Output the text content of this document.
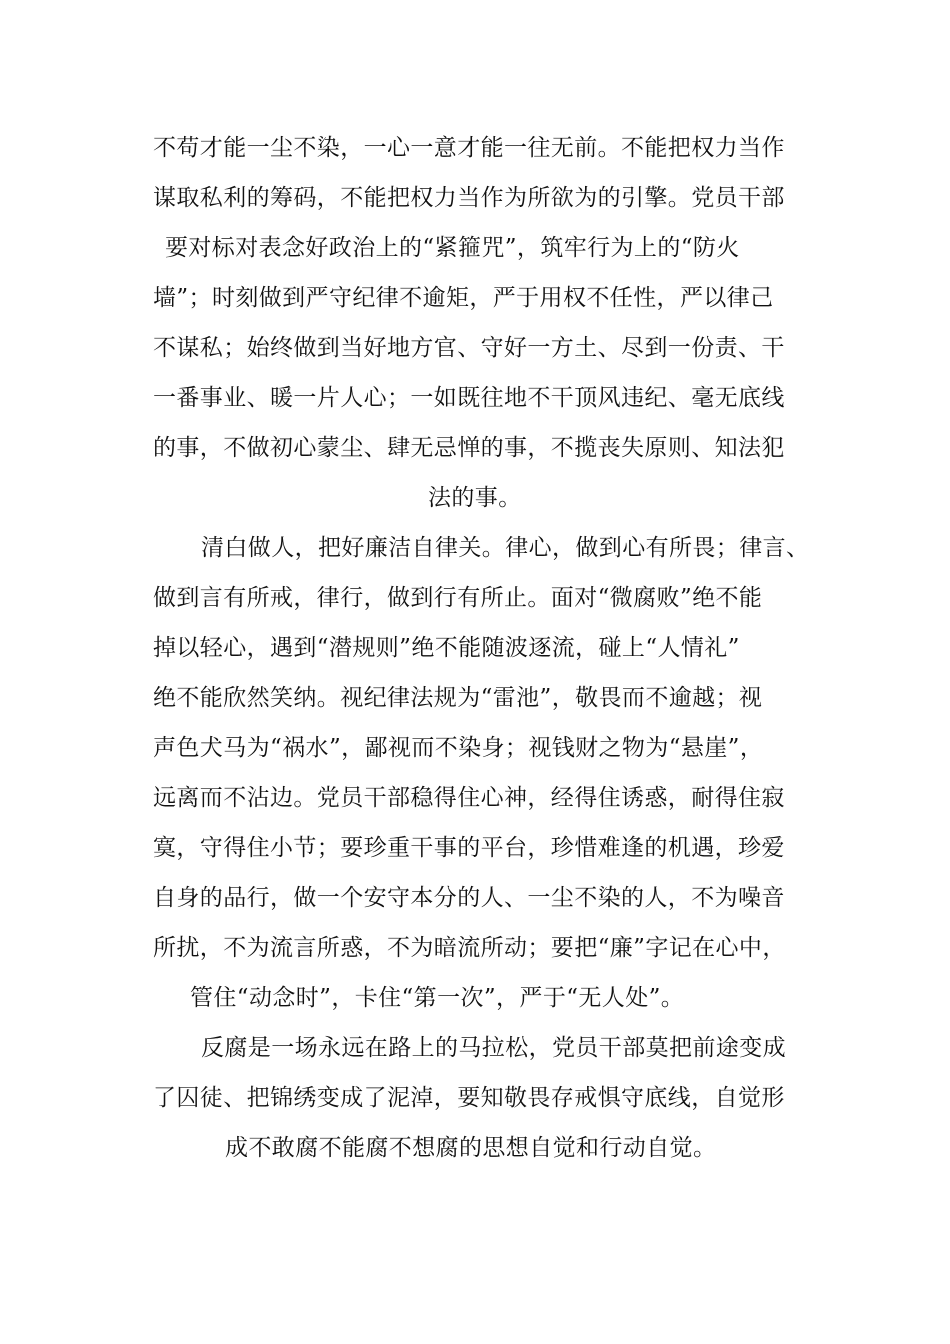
不苟才能一尘不染，一心一意才能一往无前。不能把权力当作
谋取私利的筹码，不能把权力当作为所欲为的引擎。党员干部
要对标对表念好政治上的“紧箍咒”，筑牢行为上的“防火
墙”；时刻做到严守纪律不逾矩，严于用权不任性，严以律己
不谋私；始终做到当好地方官、守好一方土、尽到一份责、干
一番事业、暖一片人心；一如既往地不干顶风违纪、毫无底线
的事，不做初心蒙尘、肆无忌惮的事，不揽丧失原则、知法犯
法的事。
清白做人，把好廉洁自律关。律心，做到心有所畏；律言、
做到言有所戒，律行，做到行有所止。面对“微腐败”绝不能
掉以轻心，遇到“潜规则”绝不能随波逐流，碰上“人情礼”
绝不能欣然笑纳。视纪律法规为“雷池”，敬畏而不逾越；视
声色犬马为“祸水”，鄙视而不染身；视钱财之物为“悬崖”，
远离而不沾边。党员干部稳得住心神，经得住诱惑，耐得住寂
寞，守得住小节；要珍重干事的平台，珍惜难逢的机遇，珍爱
自身的品行，做一个安守本分的人、一尘不染的人，不为噪音
所扰，不为流言所惑，不为暗流所动；要把“廉”字记在心中，
管住“动念时”，卡住“第一次”，严于“无人处”。
反腐是一场永远在路上的马拉松，党员干部莫把前途变成
了囚徒、把锦绣变成了泥淖，要知敬畏存戒惧守底线，自觉形
成不敢腐不能腐不想腐的思想自觉和行动自觉。
